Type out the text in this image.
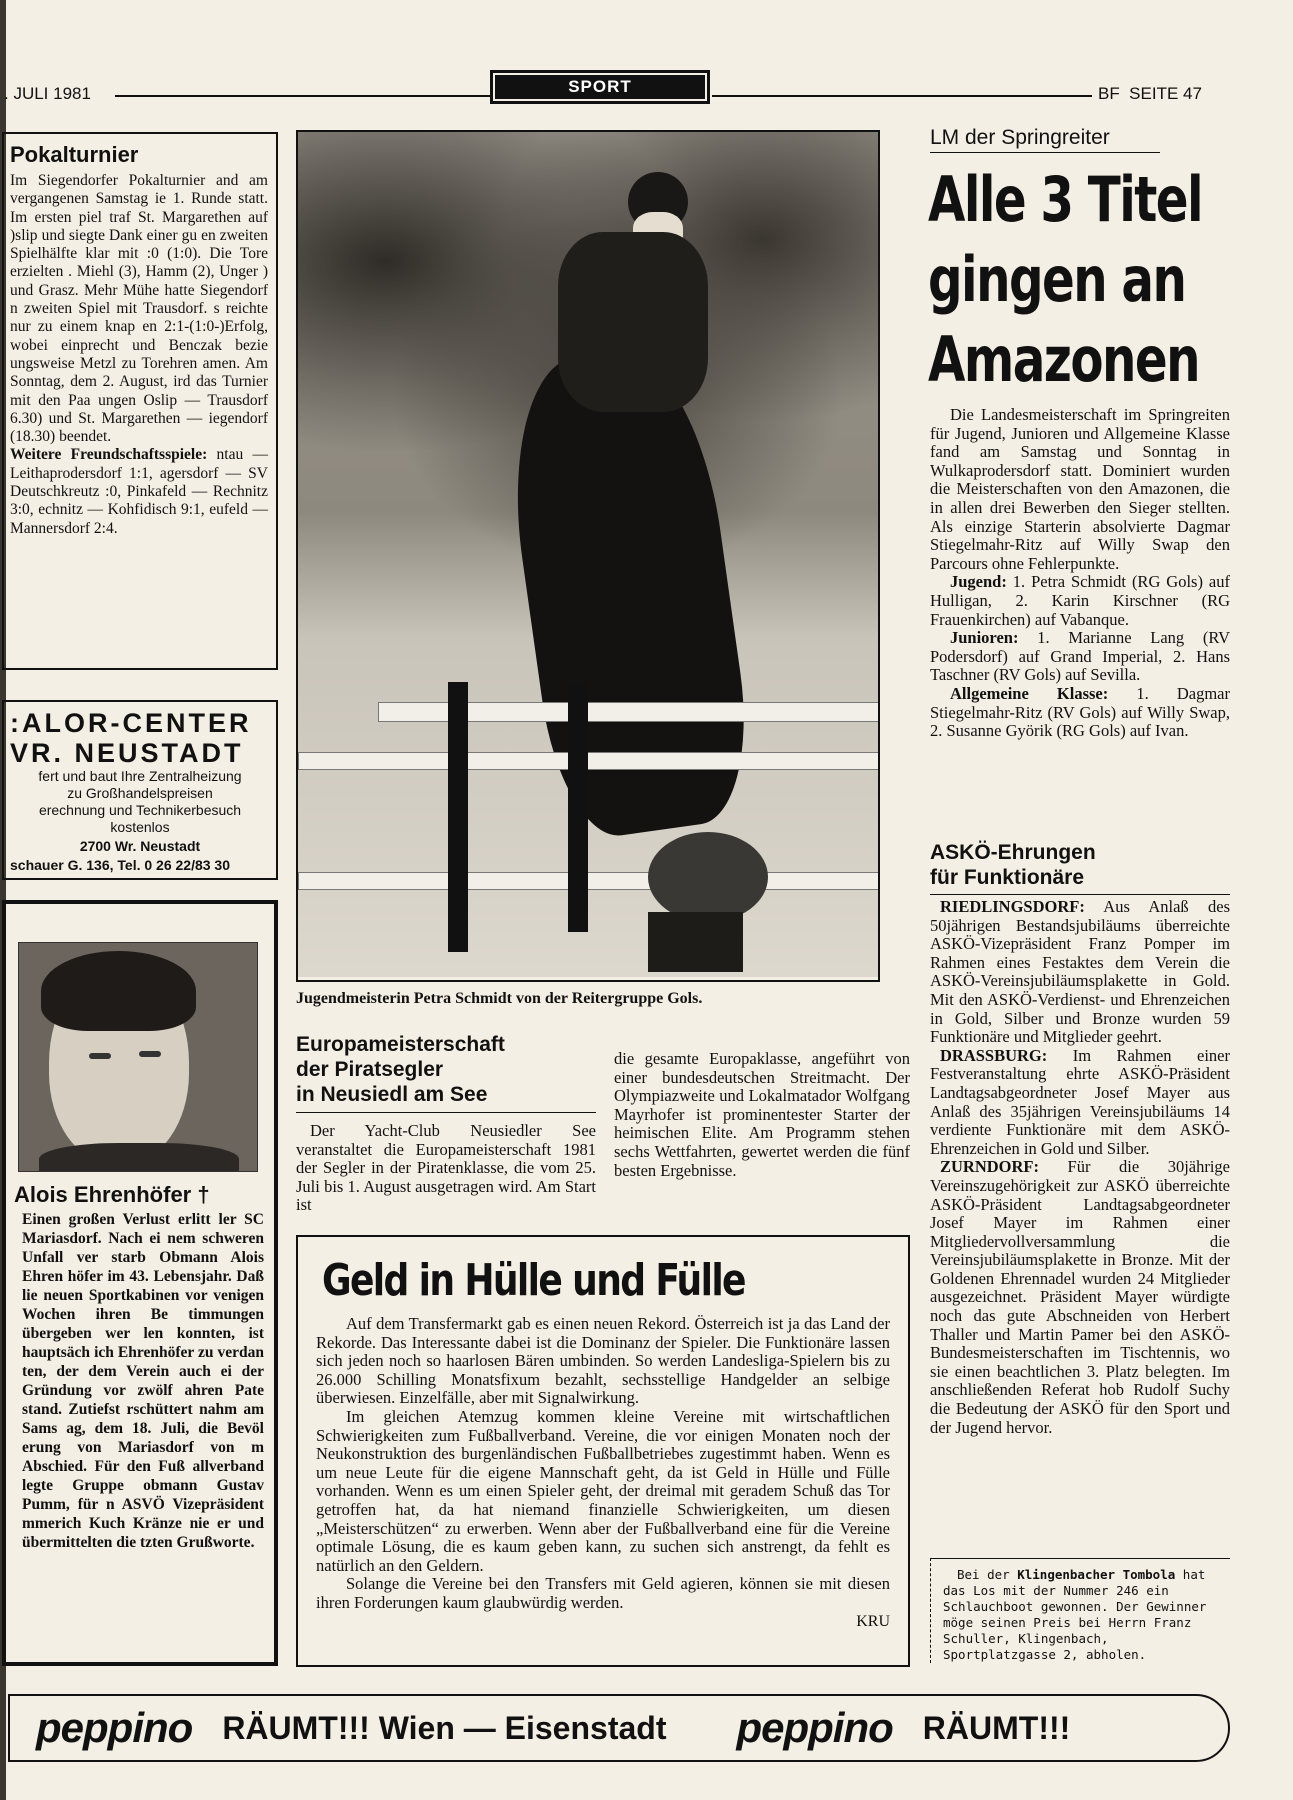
. JULI 1981	SPORT	BF  SEITE 47
Pokalturnier

Im Siegendorfer Pokalturnier and am vergangenen Samstag ie 1. Runde statt. Im ersten piel traf St. Margarethen auf )slip und siegte Dank einer gu en zweiten Spielhälfte klar mit :0 (1:0). Die Tore erzielten . Miehl (3), Hamm (2), Unger ) und Grasz. Mehr Mühe hatte Siegendorf n zweiten Spiel mit Trausdorf. s reichte nur zu einem knap en 2:1-(1:0-)Erfolg, wobei einprecht und Benczak bezie ungsweise Metzl zu Torehren amen. Am Sonntag, dem 2. August, ird das Turnier mit den Paa ungen Oslip — Trausdorf 6.30) und St. Margarethen — iegendorf (18.30) beendet.

Weitere Freundschaftsspiele: ntau — Leithaprodersdorf 1:1, agersdorf — SV Deutschkreutz :0, Pinkafeld — Rechnitz 3:0, echnitz — Kohfidisch 9:1, eufeld — Mannersdorf 2:4.

:ALOR-CENTER
VR. NEUSTADT
fert und baut Ihre Zentralheizung
zu Großhandelspreisen
erechnung und Technikerbesuch
kostenlos
2700 Wr. Neustadt
schauer G. 136, Tel. 0 26 22/83 30
Alois Ehrenhöfer †

Einen großen Verlust erlitt ler SC Mariasdorf. Nach ei nem schweren Unfall ver starb Obmann Alois Ehren höfer im 43. Lebensjahr. Daß lie neuen Sportkabinen vor venigen Wochen ihren Be timmungen übergeben wer len konnten, ist hauptsäch ich Ehrenhöfer zu verdan ten, der dem Verein auch ei der Gründung vor zwölf ahren Pate stand. Zutiefst rschüttert nahm am Sams ag, dem 18. Juli, die Bevöl erung von Mariasdorf von m Abschied. Für den Fuß allverband legte Gruppe obmann Gustav Pumm, für n ASVÖ Vizepräsident mmerich Kuch Kränze nie er und übermittelten die tzten Grußworte.

Jugendmeisterin Petra Schmidt von der Reitergruppe Gols.
Europameisterschaft
der Piratsegler
in Neusiedl am See

Der Yacht-Club Neusiedler See veranstaltet die Europameisterschaft 1981 der Segler in der Piratenklasse, die vom 25. Juli bis 1. August ausgetragen wird. Am Start ist

die gesamte Europaklasse, angeführt von einer bundesdeutschen Streitmacht. Der Olympiazweite und Lokalmatador Wolfgang Mayrhofer ist prominentester Starter der heimischen Elite. Am Programm stehen sechs Wettfahrten, gewertet werden die fünf besten Ergebnisse.

Geld in Hülle und Fülle

Auf dem Transfermarkt gab es einen neuen Rekord. Österreich ist ja das Land der Rekorde. Das Interessante dabei ist die Dominanz der Spieler. Die Funktionäre lassen sich jeden noch so haarlosen Bären umbinden. So werden Landesliga-Spielern bis zu 26.000 Schilling Monatsfixum bezahlt, sechsstellige Handgelder an selbige überwiesen. Einzelfälle, aber mit Signalwirkung.

Im gleichen Atemzug kommen kleine Vereine mit wirtschaftlichen Schwierigkeiten zum Fußballverband. Vereine, die vor einigen Monaten noch der Neukonstruktion des burgenländischen Fußballbetriebes zugestimmt haben. Wenn es um neue Leute für die eigene Mannschaft geht, da ist Geld in Hülle und Fülle vorhanden. Wenn es um einen Spieler geht, der dreimal mit geradem Schuß das Tor getroffen hat, da hat niemand finanzielle Schwierigkeiten, um diesen „Meisterschützen“ zu erwerben. Wenn aber der Fußballverband eine für die Vereine optimale Lösung, die es kaum geben kann, zu suchen sich anstrengt, da fehlt es natürlich an den Geldern.

Solange die Vereine bei den Transfers mit Geld agieren, können sie mit diesen ihren Forderungen kaum glaubwürdig werden.

KRU
LM der Springreiter
Alle 3 Titel
gingen an
Amazonen

Die Landesmeisterschaft im Springreiten für Jugend, Junioren und Allgemeine Klasse fand am Samstag und Sonntag in Wulkaprodersdorf statt. Dominiert wurden die Meisterschaften von den Amazonen, die in allen drei Bewerben den Sieger stellten. Als einzige Starterin absolvierte Dagmar Stiegelmahr-Ritz auf Willy Swap den Parcours ohne Fehlerpunkte.

Jugend: 1. Petra Schmidt (RG Gols) auf Hulligan, 2. Karin Kirschner (RG Frauenkirchen) auf Vabanque.

Junioren: 1. Marianne Lang (RV Podersdorf) auf Grand Imperial, 2. Hans Taschner (RV Gols) auf Sevilla.

Allgemeine Klasse: 1. Dagmar Stiegelmahr-Ritz (RV Gols) auf Willy Swap, 2. Susanne Györik (RG Gols) auf Ivan.

ASKÖ-Ehrungen
für Funktionäre

RIEDLINGSDORF: Aus Anlaß des 50jährigen Bestandsjubiläums überreichte ASKÖ-Vizepräsident Franz Pomper im Rahmen eines Festaktes dem Verein die ASKÖ-Vereinsjubiläumsplakette in Gold. Mit den ASKÖ-Verdienst- und Ehrenzeichen in Gold, Silber und Bronze wurden 59 Funktionäre und Mitglieder geehrt.

DRASSBURG: Im Rahmen einer Festveranstaltung ehrte ASKÖ-Präsident Landtagsabgeordneter Josef Mayer aus Anlaß des 35jährigen Vereinsjubiläums 14 verdiente Funktionäre mit dem ASKÖ-Ehrenzeichen in Gold und Silber.

ZURNDORF: Für die 30jährige Vereinszugehörigkeit zur ASKÖ überreichte ASKÖ-Präsident Landtagsabgeordneter Josef Mayer im Rahmen einer Mitgliedervollversammlung die Vereinsjubiläumsplakette in Bronze. Mit der Goldenen Ehrennadel wurden 24 Mitglieder ausgezeichnet. Präsident Mayer würdigte noch das gute Abschneiden von Herbert Thaller und Martin Pamer bei den ASKÖ-Bundesmeisterschaften im Tischtennis, wo sie einen beachtlichen 3. Platz belegten. Im anschließenden Referat hob Rudolf Suchy die Bedeutung der ASKÖ für den Sport und der Jugend hervor.

Bei der Klingenbacher Tombola hat das Los mit der Nummer 246 ein Schlauchboot gewonnen. Der Gewinner möge seinen Preis bei Herrn Franz Schuller, Klingenbach, Sportplatzgasse 2, abholen.

peppino RÄUMT!!! Wien — Eisenstadt peppino RÄUMT!!!
